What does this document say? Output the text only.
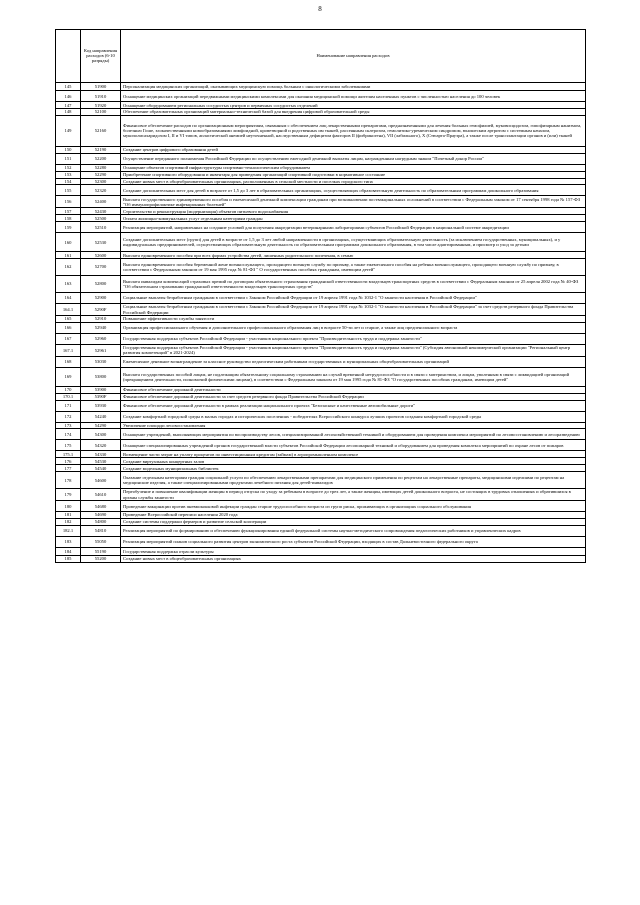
8
	Код направления расходов (6-10 разряды)	Наименование направления расходов
145	51900	Персонализация медицинских организаций, оказывающих медицинскую помощь больным с онкологическими заболеваниями
146	51910	Оснащение медицинских организаций передвижными медицинскими комплексами для оказания медицинской помощи жителям населенных пунктов с численностью населения до 100 человек
147	51920	Оснащение оборудованием региональных сосудистых центров и первичных сосудистых отделений
148	52100	Обеспечение образовательных организаций материально-технической базой для внедрения цифровой образовательной среды
149	52160	Финансовое обеспечение расходов по организационным мероприятиям, связанным с обеспечением лиц лекарственными препаратами, предназначенными для лечения больных гемофилией, муковисцидозом, гипофизарным нанизмом, болезнью Гоше, злокачественными новообразованиями лимфоидной, кроветворной и родственных им тканей, рассеянным склерозом, гемолитико-уремическим синдромом, юношеским артритом с системным началом, мукополисахаридозом I, II и VI типов, апластической анемией неуточненной, наследственным дефицитом факторов II (фибриногена), VII (лабильного), X (Стюарта-Прауэра), а также после трансплантации органов и (или) тканей
150	52190	Создание центров цифрового образования детей
151	52200	Осуществление переданного полномочия Российской Федерации по осуществлению ежегодной денежной выплаты лицам, награжденным нагрудным знаком "Почетный донор России"
152	52280	Оснащение объектов спортивной инфраструктуры спортивно-технологическим оборудованием
153	52290	Приобретение спортивного оборудования и инвентаря для приведения организаций спортивной подготовки в нормативное состояние
154	52300	Создание новых мест в общеобразовательных организациях, расположенных в сельской местности и поселках городского типа
155	52320	Создание дополнительных мест для детей в возрасте от 1,5 до 3 лет в образовательных организациях, осуществляющих образовательную деятельность по образовательным программам дошкольного образования
156	52400	Выплата государственного единовременного пособия и ежемесячной денежной компенсации гражданам при возникновении поствакцинальных осложнений в соответствии с Федеральным законом от 17 сентября 1998 года № 157-ФЗ "Об иммунопрофилактике инфекционных болезней"
157	52430	Строительство и реконструкция (модернизация) объектов питьевого водоснабжения
158	52500	Оплата жилищно-коммунальных услуг отдельным категориям граждан
159	52510	Реализация мероприятий, направленных на создание условий для получения аккредитации ветеринарными лабораториями субъектов Российской Федерации в национальной системе аккредитации
160	52530	Создание дополнительных мест (групп) для детей в возрасте от 1,5 до 3 лет любой направленности в организациях, осуществляющих образовательную деятельность (за исключением государственных, муниципальных), и у индивидуальных предпринимателей, осуществляющих образовательную деятельность по образовательным программам дошкольного образования, в том числе адаптированным, и присмотр и уход за детьми
161	52600	Выплата единовременного пособия при всех формах устройства детей, лишенных родительского попечения, в семью
162	52700	Выплата единовременного пособия беременной жене военнослужащего, проходящего военную службу по призыву, а также ежемесячного пособия на ребенка военнослужащего, проходящего военную службу по призыву, в соответствии с Федеральным законом от 19 мая 1995 года № 81-ФЗ " О государственных пособиях гражданам, имеющим детей"
163	52800	Выплата инвалидам компенсаций страховых премий по договорам обязательного страхования гражданской ответственности владельцев транспортных средств в соответствии с Федеральным законом от 25 апреля 2002 года № 40-ФЗ "Об обязательном страховании гражданской ответственности владельцев транспортных средств"
164	52900	Социальные выплаты безработным гражданам в соответствии с Законом Российской Федерации от 19 апреля 1991 года № 1032-1 "О занятости населения в Российской Федерации"
164.1	5290F	Социальные выплаты безработным гражданам в соответствии с Законом Российской Федерации от 19 апреля 1991 года № 1032-1 "О занятости населения в Российской Федерации" за счет средств резервного фонда Правительства Российской Федерации
165	52910	Повышение эффективности службы занятости
166	52940	Организация профессионального обучения и дополнительного профессионального образования лиц в возрасте 50-ти лет и старше, а также лиц предпенсионного возраста
167	52960	Государственная поддержка субъектов Российской Федерации - участников национального проекта "Производительность труда и поддержка занятости"
167.1	52961	Государственная поддержка субъектов Российской Федерации - участников национального проекта "Производительность труда и поддержка занятости" (Субсидия автономной некоммерческой организации "Региональный центр развития компетенций" в 2021-2024)
168	53030	Ежемесячное денежное вознаграждение за классное руководство педагогическим работникам государственных и муниципальных общеобразовательных организаций
169	53800	Выплата государственных пособий лицам, не подлежащим обязательному социальному страхованию на случай временной нетрудоспособности и в связи с материнством, и лицам, уволенным в связи с ликвидацией организаций (прекращением деятельности, полномочий физическими лицами), в соответствии с Федеральным законом от 19 мая 1995 года № 81-ФЗ "О государственных пособиях гражданам, имеющим детей"
170	53900	Финансовое обеспечение дорожной деятельности
170.1	5390F	Финансовое обеспечение дорожной деятельности за счет средств резервного фонда Правительства Российской Федерации
171	53930	Финансовое обеспечение дорожной деятельности в рамках реализации национального проекта "Безопасные и качественные автомобильные дороги"
172	54240	Создание комфортной городской среды в малых городах и исторических поселениях - победителях Всероссийского конкурса лучших проектов создания комфортной городской среды
173	54290	Увеличение площади лесовосстановления
174	54300	Оснащение учреждений, выполняющих мероприятия по воспроизводству лесов, специализированной лесохозяйственной техникой и оборудованием для проведения комплекса мероприятий по лесовосстановлению и лесоразведению
175	54320	Оснащение специализированных учреждений органов государственной власти субъектов Российской Федерации лесопожарной техникой и оборудованием для проведения комплекса мероприятий по охране лесов от пожаров
175.1	54330	Возмещение части затрат на уплату процентов по инвестиционным кредитам (займам) в агропромышленном комплексе
176	54530	Создание виртуальных концертных залов
177	54540	Создание модельных муниципальных библиотек
178	54600	Оказание отдельным категориям граждан социальной услуги по обеспечению лекарственными препаратами для медицинского применения по рецептам на лекарственные препараты, медицинскими изделиями по рецептам на медицинские изделия, а также специализированными продуктами лечебного питания для детей-инвалидов
179	54610	Переобучение и повышение квалификации женщин в период отпуска по уходу за ребенком в возрасте до трех лет, а также женщин, имеющих детей дошкольного возраста, не состоящих в трудовых отношениях и обратившихся в органы службы занятости
180	54680	Проведение вакцинации против пневмококковой инфекции граждан старше трудоспособного возраста из групп риска, проживающих в организациях социального обслуживания
181	54690	Проведение Всероссийской переписи населения 2020 года
182	54800	Создание системы поддержки фермеров и развитие сельской кооперации
182.1	54810	Реализация мероприятий по формированию и обеспечению функционирования единой федеральной системы научно-методического сопровождения педагогических работников и управленческих кадров
183	55050	Реализация мероприятий планов социального развития центров экономического роста субъектов Российской Федерации, входящих в состав Дальневосточного федерального округа
184	55190	Государственная поддержка отрасли культуры
185	55200	Создание новых мест в общеобразовательных организациях
